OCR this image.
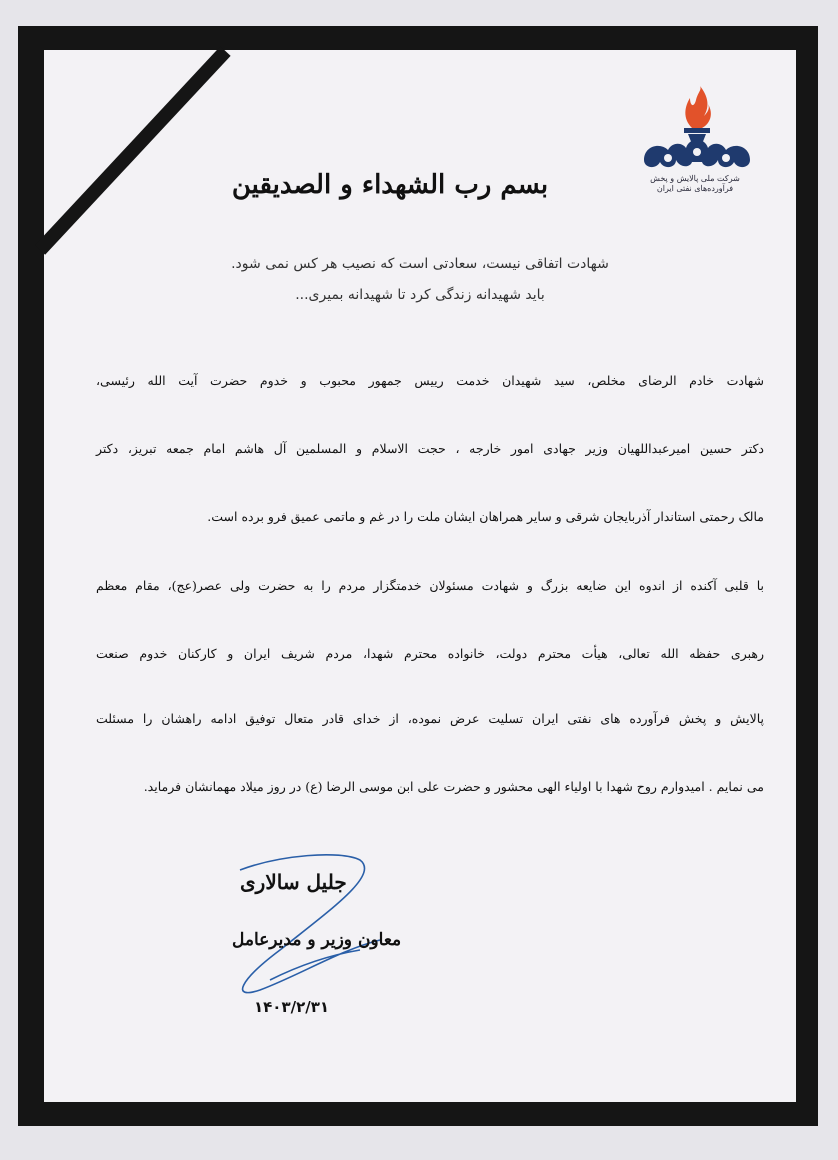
شرکت ملی پالایش و پخش فرآورده‌های نفتی ایران
بسم رب الشهداء و الصدیقین
شهادت اتفاقی نیست، سعادتی است که نصیب هر کس نمی شود.
باید شهیدانه زندگی کرد تا شهیدانه بمیری...
شهادت خادم الرضای مخلص، سید شهیدان خدمت رییس جمهور محبوب و خدوم حضرت آیت الله رئیسی،
دکتر حسین امیرعبداللهیان وزیر جهادی امور خارجه ، حجت الاسلام و المسلمین آل هاشم امام جمعه تبریز، دکتر
مالک رحمتی استاندار آذربایجان شرقی و سایر همراهان ایشان ملت را در غم و ماتمی عمیق فرو برده است.
با قلبی آکنده از اندوه این ضایعه بزرگ و شهادت مسئولان خدمتگزار مردم را به حضرت ولی عصر(عج)، مقام معظم
رهبری حفظه الله تعالی، هیأت محترم دولت، خانواده محترم شهدا، مردم شریف ایران و کارکنان خدوم صنعت
پالایش و پخش فرآورده های نفتی ایران تسلیت عرض نموده، از خدای قادر متعال توفیق ادامه راهشان را مسئلت
می نمایم . امیدوارم روح شهدا با اولیاء الهی محشور و حضرت علی ابن موسی الرضا (ع) در روز میلاد مهمانشان فرماید.
جلیل سالاری
معاون وزیر و مدیرعامل
۱۴۰۳/۲/۳۱
